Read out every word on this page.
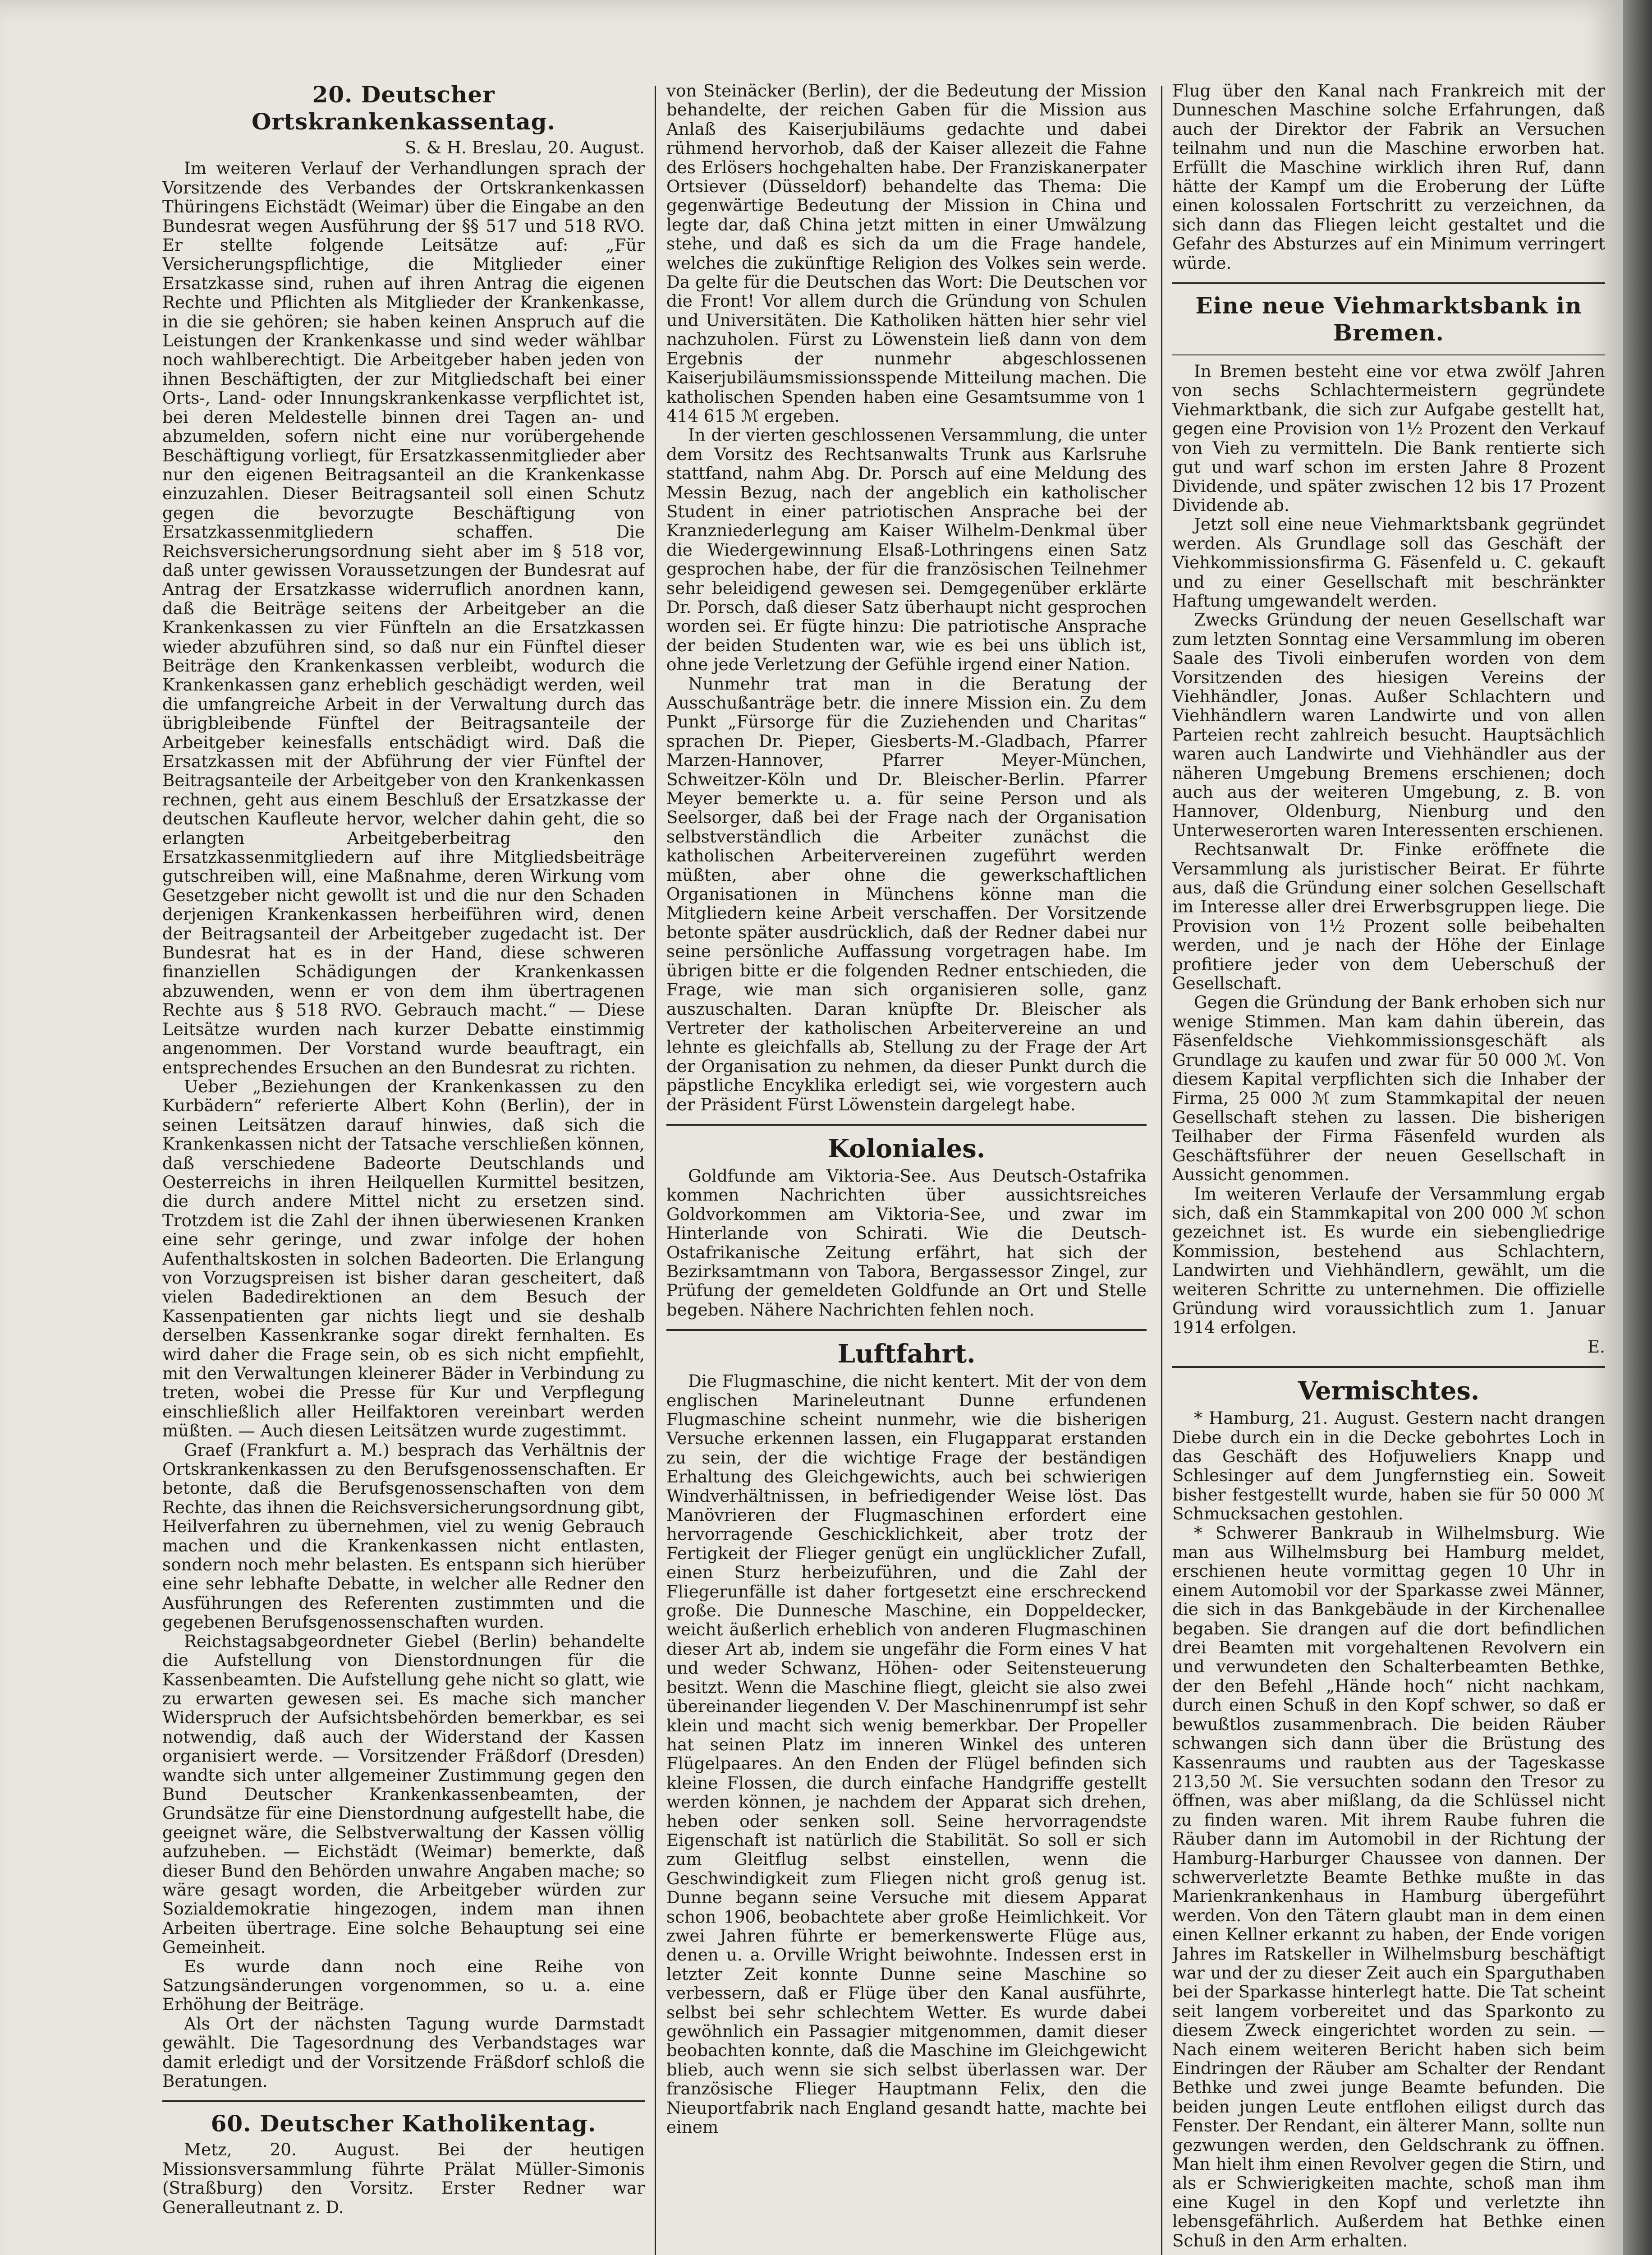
20. Deutscher Ortskrankenkassentag.
S. & H. Breslau, 20. August.

Im weiteren Verlauf der Verhandlungen sprach der Vorsitzende des Verbandes der Ortskrankenkassen Thüringens Eichstädt (Weimar) über die Eingabe an den Bundesrat wegen Ausführung der §§ 517 und 518 RVO. Er stellte folgende Leitsätze auf: „Für Versicherungspflichtige, die Mitglieder einer Ersatzkasse sind, ruhen auf ihren Antrag die eigenen Rechte und Pflichten als Mitglieder der Krankenkasse, in die sie gehören; sie haben keinen Anspruch auf die Leistungen der Krankenkasse und sind weder wählbar noch wahlberechtigt. Die Arbeitgeber haben jeden von ihnen Beschäftigten, der zur Mitgliedschaft bei einer Orts-, Land- oder Innungskrankenkasse verpflichtet ist, bei deren Meldestelle binnen drei Tagen an- und abzumelden, sofern nicht eine nur vorübergehende Beschäftigung vorliegt, für Ersatzkassenmitglieder aber nur den eigenen Beitragsanteil an die Krankenkasse einzuzahlen. Dieser Beitragsanteil soll einen Schutz gegen die bevorzugte Beschäftigung von Ersatzkassenmitgliedern schaffen. Die Reichsversicherungsordnung sieht aber im § 518 vor, daß unter gewissen Voraussetzungen der Bundesrat auf Antrag der Ersatzkasse widerruflich anordnen kann, daß die Beiträge seitens der Arbeitgeber an die Krankenkassen zu vier Fünfteln an die Ersatzkassen wieder abzuführen sind, so daß nur ein Fünftel dieser Beiträge den Krankenkassen verbleibt, wodurch die Krankenkassen ganz erheblich geschädigt werden, weil die umfangreiche Arbeit in der Verwaltung durch das übrigbleibende Fünftel der Beitragsanteile der Arbeitgeber keinesfalls entschädigt wird. Daß die Ersatzkassen mit der Abführung der vier Fünftel der Beitragsanteile der Arbeitgeber von den Krankenkassen rechnen, geht aus einem Beschluß der Ersatzkasse der deutschen Kaufleute hervor, welcher dahin geht, die so erlangten Arbeitgeberbeitrag den Ersatzkassenmitgliedern auf ihre Mitgliedsbeiträge gutschreiben will, eine Maßnahme, deren Wirkung vom Gesetzgeber nicht gewollt ist und die nur den Schaden derjenigen Krankenkassen herbeiführen wird, denen der Beitragsanteil der Arbeitgeber zugedacht ist. Der Bundesrat hat es in der Hand, diese schweren finanziellen Schädigungen der Krankenkassen abzuwenden, wenn er von dem ihm übertragenen Rechte aus § 518 RVO. Gebrauch macht.“ — Diese Leitsätze wurden nach kurzer Debatte einstimmig angenommen. Der Vorstand wurde beauftragt, ein entsprechendes Ersuchen an den Bundesrat zu richten.

Ueber „Beziehungen der Krankenkassen zu den Kurbädern“ referierte Albert Kohn (Berlin), der in seinen Leitsätzen darauf hinwies, daß sich die Krankenkassen nicht der Tatsache verschließen können, daß verschiedene Badeorte Deutschlands und Oesterreichs in ihren Heilquellen Kurmittel besitzen, die durch andere Mittel nicht zu ersetzen sind. Trotzdem ist die Zahl der ihnen überwiesenen Kranken eine sehr geringe, und zwar infolge der hohen Aufenthaltskosten in solchen Badeorten. Die Erlangung von Vorzugspreisen ist bisher daran gescheitert, daß vielen Badedirektionen an dem Besuch der Kassenpatienten gar nichts liegt und sie deshalb derselben Kassenkranke sogar direkt fernhalten. Es wird daher die Frage sein, ob es sich nicht empfiehlt, mit den Verwaltungen kleinerer Bäder in Verbindung zu treten, wobei die Presse für Kur und Verpflegung einschließlich aller Heilfaktoren vereinbart werden müßten. — Auch diesen Leitsätzen wurde zugestimmt.

Graef (Frankfurt a. M.) besprach das Verhältnis der Ortskrankenkassen zu den Berufsgenossenschaften. Er betonte, daß die Berufsgenossenschaften von dem Rechte, das ihnen die Reichsversicherungsordnung gibt, Heilverfahren zu übernehmen, viel zu wenig Gebrauch machen und die Krankenkassen nicht entlasten, sondern noch mehr belasten. Es entspann sich hierüber eine sehr lebhafte Debatte, in welcher alle Redner den Ausführungen des Referenten zustimmten und die gegebenen Berufsgenossenschaften wurden.

Reichstagsabgeordneter Giebel (Berlin) behandelte die Aufstellung von Dienstordnungen für die Kassenbeamten. Die Aufstellung gehe nicht so glatt, wie zu erwarten gewesen sei. Es mache sich mancher Widerspruch der Aufsichtsbehörden bemerkbar, es sei notwendig, daß auch der Widerstand der Kassen organisiert werde. — Vorsitzender Fräßdorf (Dresden) wandte sich unter allgemeiner Zustimmung gegen den Bund Deutscher Krankenkassenbeamten, der Grundsätze für eine Dienstordnung aufgestellt habe, die geeignet wäre, die Selbstverwaltung der Kassen völlig aufzuheben. — Eichstädt (Weimar) bemerkte, daß dieser Bund den Behörden unwahre Angaben mache; so wäre gesagt worden, die Arbeitgeber würden zur Sozialdemokratie hingezogen, indem man ihnen Arbeiten übertrage. Eine solche Behauptung sei eine Gemeinheit.

Es wurde dann noch eine Reihe von Satzungsänderungen vorgenommen, so u. a. eine Erhöhung der Beiträge.

Als Ort der nächsten Tagung wurde Darmstadt gewählt. Die Tagesordnung des Verbandstages war damit erledigt und der Vorsitzende Fräßdorf schloß die Beratungen.

60. Deutscher Katholikentag.

Metz, 20. August. Bei der heutigen Missionsversammlung führte Prälat Müller-Simonis (Straßburg) den Vorsitz. Erster Redner war Generalleutnant z. D.

von Steinäcker (Berlin), der die Bedeutung der Mission behandelte, der reichen Gaben für die Mission aus Anlaß des Kaiserjubiläums gedachte und dabei rühmend hervorhob, daß der Kaiser allezeit die Fahne des Erlösers hochgehalten habe. Der Franziskanerpater Ortsiever (Düsseldorf) behandelte das Thema: Die gegenwärtige Bedeutung der Mission in China und legte dar, daß China jetzt mitten in einer Umwälzung stehe, und daß es sich da um die Frage handele, welches die zukünftige Religion des Volkes sein werde. Da gelte für die Deutschen das Wort: Die Deutschen vor die Front! Vor allem durch die Gründung von Schulen und Universitäten. Die Katholiken hätten hier sehr viel nachzuholen. Fürst zu Löwenstein ließ dann von dem Ergebnis der nunmehr abgeschlossenen Kaiserjubiläumsmissionsspende Mitteilung machen. Die katholischen Spenden haben eine Gesamtsumme von 1 414 615 ℳ ergeben.

In der vierten geschlossenen Versammlung, die unter dem Vorsitz des Rechtsanwalts Trunk aus Karlsruhe stattfand, nahm Abg. Dr. Porsch auf eine Meldung des Messin Bezug, nach der angeblich ein katholischer Student in einer patriotischen Ansprache bei der Kranzniederlegung am Kaiser Wilhelm-Denkmal über die Wiedergewinnung Elsaß-Lothringens einen Satz gesprochen habe, der für die französischen Teilnehmer sehr beleidigend gewesen sei. Demgegenüber erklärte Dr. Porsch, daß dieser Satz überhaupt nicht gesprochen worden sei. Er fügte hinzu: Die patriotische Ansprache der beiden Studenten war, wie es bei uns üblich ist, ohne jede Verletzung der Gefühle irgend einer Nation.

Nunmehr trat man in die Beratung der Ausschußanträge betr. die innere Mission ein. Zu dem Punkt „Fürsorge für die Zuziehenden und Charitas“ sprachen Dr. Pieper, Giesberts-M.-Gladbach, Pfarrer Marzen-Hannover, Pfarrer Meyer-München, Schweitzer-Köln und Dr. Bleischer-Berlin. Pfarrer Meyer bemerkte u. a. für seine Person und als Seelsorger, daß bei der Frage nach der Organisation selbstverständlich die Arbeiter zunächst die katholischen Arbeitervereinen zugeführt werden müßten, aber ohne die gewerkschaftlichen Organisationen in Münchens könne man die Mitgliedern keine Arbeit verschaffen. Der Vorsitzende betonte später ausdrücklich, daß der Redner dabei nur seine persönliche Auffassung vorgetragen habe. Im übrigen bitte er die folgenden Redner entschieden, die Frage, wie man sich organisieren solle, ganz auszuschalten. Daran knüpfte Dr. Bleischer als Vertreter der katholischen Arbeitervereine an und lehnte es gleichfalls ab, Stellung zu der Frage der Art der Organisation zu nehmen, da dieser Punkt durch die päpstliche Encyklika erledigt sei, wie vorgestern auch der Präsident Fürst Löwenstein dargelegt habe.

Koloniales.

Goldfunde am Viktoria-See. Aus Deutsch-Ostafrika kommen Nachrichten über aussichtsreiches Goldvorkommen am Viktoria-See, und zwar im Hinterlande von Schirati. Wie die Deutsch-Ostafrikanische Zeitung erfährt, hat sich der Bezirksamtmann von Tabora, Bergassessor Zingel, zur Prüfung der gemeldeten Goldfunde an Ort und Stelle begeben. Nähere Nachrichten fehlen noch.

Luftfahrt.

Die Flugmaschine, die nicht kentert. Mit der von dem englischen Marineleutnant Dunne erfundenen Flugmaschine scheint nunmehr, wie die bisherigen Versuche erkennen lassen, ein Flugapparat erstanden zu sein, der die wichtige Frage der beständigen Erhaltung des Gleichgewichts, auch bei schwierigen Windverhältnissen, in befriedigender Weise löst. Das Manövrieren der Flugmaschinen erfordert eine hervorragende Geschicklichkeit, aber trotz der Fertigkeit der Flieger genügt ein unglücklicher Zufall, einen Sturz herbeizuführen, und die Zahl der Fliegerunfälle ist daher fortgesetzt eine erschreckend große. Die Dunnesche Maschine, ein Doppeldecker, weicht äußerlich erheblich von anderen Flugmaschinen dieser Art ab, indem sie ungefähr die Form eines V hat und weder Schwanz, Höhen- oder Seitensteuerung besitzt. Wenn die Maschine fliegt, gleicht sie also zwei übereinander liegenden V. Der Maschinenrumpf ist sehr klein und macht sich wenig bemerkbar. Der Propeller hat seinen Platz im inneren Winkel des unteren Flügelpaares. An den Enden der Flügel befinden sich kleine Flossen, die durch einfache Handgriffe gestellt werden können, je nachdem der Apparat sich drehen, heben oder senken soll. Seine hervorragendste Eigenschaft ist natürlich die Stabilität. So soll er sich zum Gleitflug selbst einstellen, wenn die Geschwindigkeit zum Fliegen nicht groß genug ist. Dunne begann seine Versuche mit diesem Apparat schon 1906, beobachtete aber große Heimlichkeit. Vor zwei Jahren führte er bemerkenswerte Flüge aus, denen u. a. Orville Wright beiwohnte. Indessen erst in letzter Zeit konnte Dunne seine Maschine so verbessern, daß er Flüge über den Kanal ausführte, selbst bei sehr schlechtem Wetter. Es wurde dabei gewöhnlich ein Passagier mitgenommen, damit dieser beobachten konnte, daß die Maschine im Gleichgewicht blieb, auch wenn sie sich selbst überlassen war. Der französische Flieger Hauptmann Felix, den die Nieuportfabrik nach England gesandt hatte, machte bei einem

Flug über den Kanal nach Frankreich mit der Dunneschen Maschine solche Erfahrungen, daß auch der Direktor der Fabrik an Versuchen teilnahm und nun die Maschine erworben hat. Erfüllt die Maschine wirklich ihren Ruf, dann hätte der Kampf um die Eroberung der Lüfte einen kolossalen Fortschritt zu verzeichnen, da sich dann das Fliegen leicht gestaltet und die Gefahr des Absturzes auf ein Minimum verringert würde.

Eine neue Viehmarktsbank in Bremen.

In Bremen besteht eine vor etwa zwölf Jahren von sechs Schlachtermeistern gegründete Viehmarktbank, die sich zur Aufgabe gestellt hat, gegen eine Provision von 1½ Prozent den Verkauf von Vieh zu vermitteln. Die Bank rentierte sich gut und warf schon im ersten Jahre 8 Prozent Dividende, und später zwischen 12 bis 17 Prozent Dividende ab.

Jetzt soll eine neue Viehmarktsbank gegründet werden. Als Grundlage soll das Geschäft der Viehkommissionsfirma G. Fäsenfeld u. C. gekauft und zu einer Gesellschaft mit beschränkter Haftung umgewandelt werden.

Zwecks Gründung der neuen Gesellschaft war zum letzten Sonntag eine Versammlung im oberen Saale des Tivoli einberufen worden von dem Vorsitzenden des hiesigen Vereins der Viehhändler, Jonas. Außer Schlachtern und Viehhändlern waren Landwirte und von allen Parteien recht zahlreich besucht. Hauptsächlich waren auch Landwirte und Viehhändler aus der näheren Umgebung Bremens erschienen; doch auch aus der weiteren Umgebung, z. B. von Hannover, Oldenburg, Nienburg und den Unterweserorten waren Interessenten erschienen.

Rechtsanwalt Dr. Finke eröffnete die Versammlung als juristischer Beirat. Er führte aus, daß die Gründung einer solchen Gesellschaft im Interesse aller drei Erwerbsgruppen liege. Die Provision von 1½ Prozent solle beibehalten werden, und je nach der Höhe der Einlage profitiere jeder von dem Ueberschuß der Gesellschaft.

Gegen die Gründung der Bank erhoben sich nur wenige Stimmen. Man kam dahin überein, das Fäsenfeldsche Viehkommissionsgeschäft als Grundlage zu kaufen und zwar für 50 000 ℳ. Von diesem Kapital verpflichten sich die Inhaber der Firma, 25 000 ℳ zum Stammkapital der neuen Gesellschaft stehen zu lassen. Die bisherigen Teilhaber der Firma Fäsenfeld wurden als Geschäftsführer der neuen Gesellschaft in Aussicht genommen.

Im weiteren Verlaufe der Versammlung ergab sich, daß ein Stammkapital von 200 000 ℳ schon gezeichnet ist. Es wurde ein siebengliedrige Kommission, bestehend aus Schlachtern, Landwirten und Viehhändlern, gewählt, um die weiteren Schritte zu unternehmen. Die offizielle Gründung wird voraussichtlich zum 1. Januar 1914 erfolgen.

E.
Vermischtes.

* Hamburg, 21. August. Gestern nacht drangen Diebe durch ein in die Decke gebohrtes Loch in das Geschäft des Hofjuweliers Knapp und Schlesinger auf dem Jungfernstieg ein. Soweit bisher festgestellt wurde, haben sie für 50 000 ℳ Schmucksachen gestohlen.

* Schwerer Bankraub in Wilhelmsburg. Wie man aus Wilhelmsburg bei Hamburg meldet, erschienen heute vormittag gegen 10 Uhr in einem Automobil vor der Sparkasse zwei Männer, die sich in das Bankgebäude in der Kirchenallee begaben. Sie drangen auf die dort befindlichen drei Beamten mit vorgehaltenen Revolvern ein und verwundeten den Schalterbeamten Bethke, der den Befehl „Hände hoch“ nicht nachkam, durch einen Schuß in den Kopf schwer, so daß er bewußtlos zusammenbrach. Die beiden Räuber schwangen sich dann über die Brüstung des Kassenraums und raubten aus der Tageskasse 213,50 ℳ. Sie versuchten sodann den Tresor zu öffnen, was aber mißlang, da die Schlüssel nicht zu finden waren. Mit ihrem Raube fuhren die Räuber dann im Automobil in der Richtung der Hamburg-Harburger Chaussee von dannen. Der schwerverletzte Beamte Bethke mußte in das Marienkrankenhaus in Hamburg übergeführt werden. Von den Tätern glaubt man in dem einen einen Kellner erkannt zu haben, der Ende vorigen Jahres im Ratskeller in Wilhelmsburg beschäftigt war und der zu dieser Zeit auch ein Sparguthaben bei der Sparkasse hinterlegt hatte. Die Tat scheint seit langem vorbereitet und das Sparkonto zu diesem Zweck eingerichtet worden zu sein. — Nach einem weiteren Bericht haben sich beim Eindringen der Räuber am Schalter der Rendant Bethke und zwei junge Beamte befunden. Die beiden jungen Leute entflohen eiligst durch das Fenster. Der Rendant, ein älterer Mann, sollte nun gezwungen werden, den Geldschrank zu öffnen. Man hielt ihm einen Revolver gegen die Stirn, und als er Schwierigkeiten machte, schoß man ihm eine Kugel in den Kopf und verletzte ihn lebensgefährlich. Außerdem hat Bethke einen Schuß in den Arm erhalten.
